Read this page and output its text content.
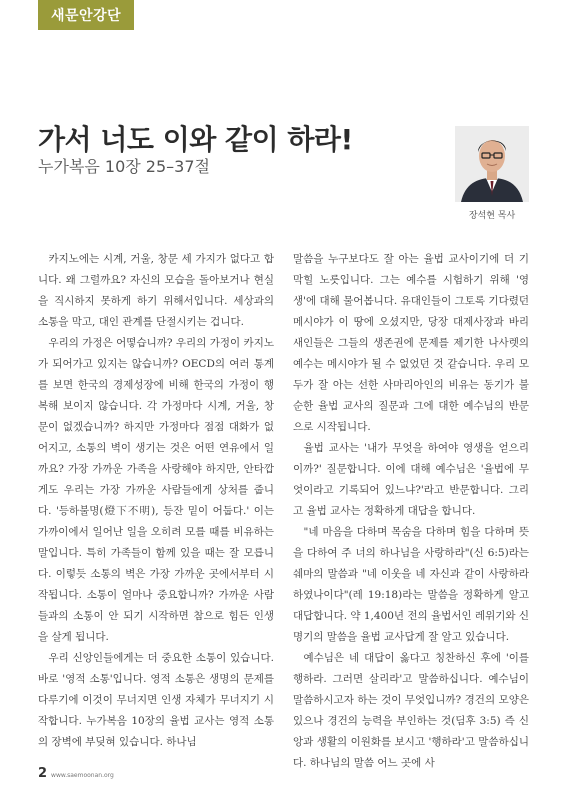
새문안강단
가서 너도 이와 같이 하라!
누가복음 10장 25–37절
장석현 목사

카지노에는 시계, 거울, 창문 세 가지가 없다고 합니다. 왜 그럴까요? 자신의 모습을 돌아보거나 현실을 직시하지 못하게 하기 위해서입니다. 세상과의 소통을 막고, 대인 관계를 단절시키는 겁니다.

우리의 가정은 어떻습니까? 우리의 가정이 카지노가 되어가고 있지는 않습니까? OECD의 여러 통계를 보면 한국의 경제성장에 비해 한국의 가정이 행복해 보이지 않습니다. 각 가정마다 시계, 거울, 창문이 없겠습니까? 하지만 가정마다 점점 대화가 없어지고, 소통의 벽이 생기는 것은 어떤 연유에서 일까요? 가장 가까운 가족을 사랑해야 하지만, 안타깝게도 우리는 가장 가까운 사람들에게 상처를 줍니다. '등하불명(燈下不明), 등잔 밑이 어둡다.' 이는 가까이에서 일어난 일을 오히려 모를 때를 비유하는 말입니다. 특히 가족들이 함께 있을 때는 잘 모릅니다. 이렇듯 소통의 벽은 가장 가까운 곳에서부터 시작됩니다. 소통이 얼마나 중요합니까? 가까운 사람들과의 소통이 안 되기 시작하면 참으로 힘든 인생을 살게 됩니다.

우리 신앙인들에게는 더 중요한 소통이 있습니다. 바로 '영적 소통'입니다. 영적 소통은 생명의 문제를 다루기에 이것이 무너지면 인생 자체가 무너지기 시작합니다. 누가복음 10장의 율법 교사는 영적 소통의 장벽에 부딪혀 있습니다. 하나님

말씀을 누구보다도 잘 아는 율법 교사이기에 더 기막힐 노릇입니다. 그는 예수를 시험하기 위해 '영생'에 대해 물어봅니다. 유대인들이 그토록 기다렸던 메시야가 이 땅에 오셨지만, 당장 대제사장과 바리새인들은 그들의 생존권에 문제를 제기한 나사렛의 예수는 메시야가 될 수 없었던 것 같습니다. 우리 모두가 잘 아는 선한 사마리아인의 비유는 동기가 불순한 율법 교사의 질문과 그에 대한 예수님의 반문으로 시작됩니다.

율법 교사는 '내가 무엇을 하여야 영생을 얻으리이까?' 질문합니다. 이에 대해 예수님은 '율법에 무엇이라고 기록되어 있느냐?'라고 반문합니다. 그리고 율법 교사는 정확하게 대답을 합니다.

"네 마음을 다하며 목숨을 다하며 힘을 다하며 뜻을 다하여 주 너의 하나님을 사랑하라"(신 6:5)라는 쉐마의 말씀과 "네 이웃을 네 자신과 같이 사랑하라 하였나이다"(레 19:18)라는 말씀을 정확하게 알고 대답합니다. 약 1,400년 전의 율법서인 레위기와 신명기의 말씀을 율법 교사답게 잘 알고 있습니다.

예수님은 네 대답이 옳다고 칭찬하신 후에 '이를 행하라. 그러면 살리라'고 말씀하십니다. 예수님이 말씀하시고자 하는 것이 무엇입니까? 경건의 모양은 있으나 경건의 능력을 부인하는 것(딤후 3:5) 즉 신앙과 생활의 이원화를 보시고 '행하라'고 말씀하십니다. 하나님의 말씀 어느 곳에 사

2 www.saemoonan.org
